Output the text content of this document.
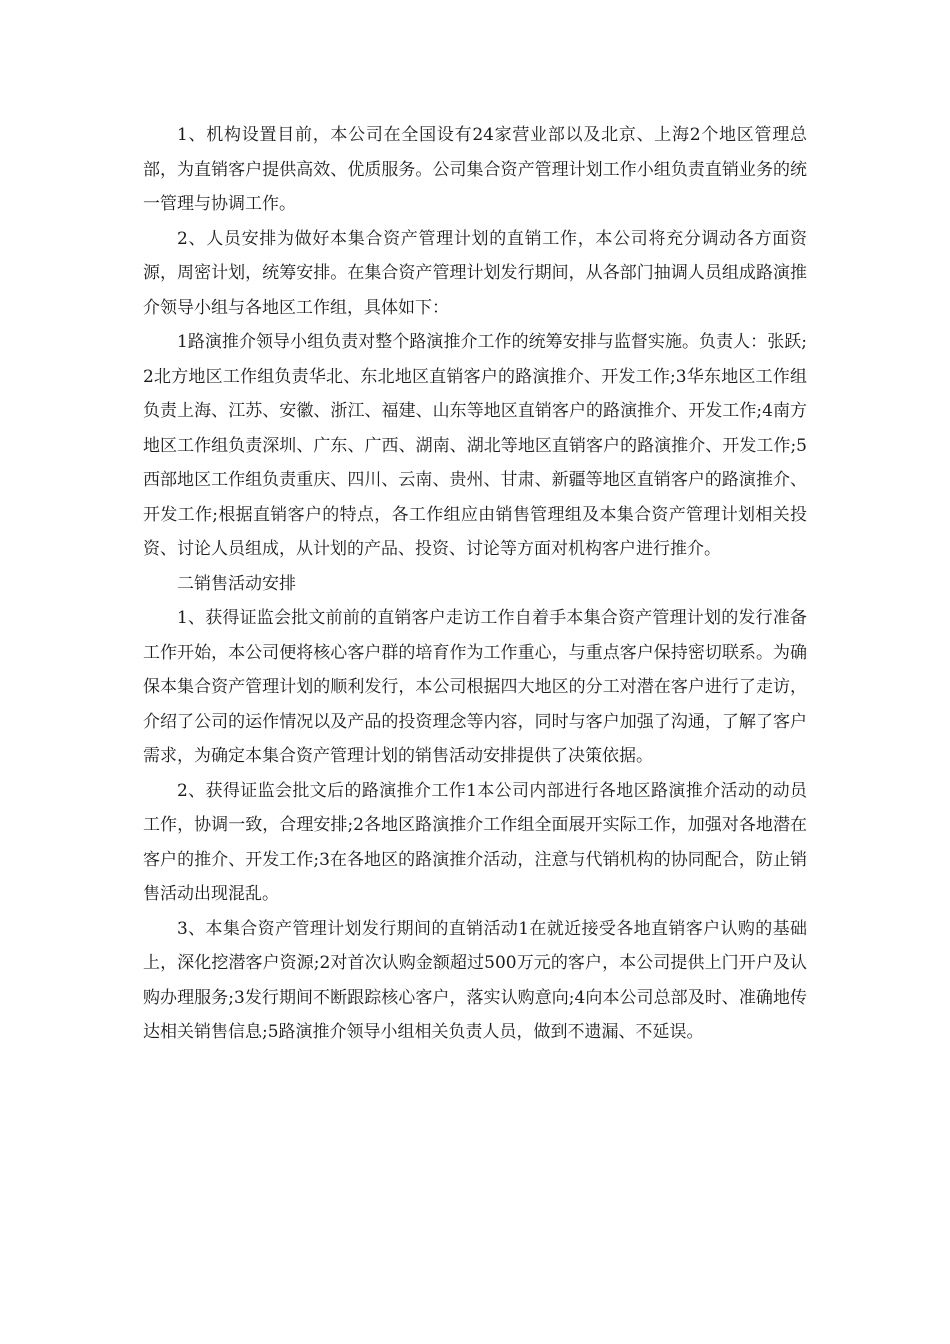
1、机构设置目前，本公司在全国设有24家营业部以及北京、上海2个地区管理总部，为直销客户提供高效、优质服务。公司集合资产管理计划工作小组负责直销业务的统一管理与协调工作。

2、人员安排为做好本集合资产管理计划的直销工作，本公司将充分调动各方面资源，周密计划，统筹安排。在集合资产管理计划发行期间，从各部门抽调人员组成路演推介领导小组与各地区工作组，具体如下：

1路演推介领导小组负责对整个路演推介工作的统筹安排与监督实施。负责人：张跃;2北方地区工作组负责华北、东北地区直销客户的路演推介、开发工作;3华东地区工作组负责上海、江苏、安徽、浙江、福建、山东等地区直销客户的路演推介、开发工作;4南方地区工作组负责深圳、广东、广西、湖南、湖北等地区直销客户的路演推介、开发工作;5西部地区工作组负责重庆、四川、云南、贵州、甘肃、新疆等地区直销客户的路演推介、开发工作;根据直销客户的特点，各工作组应由销售管理组及本集合资产管理计划相关投资、讨论人员组成，从计划的产品、投资、讨论等方面对机构客户进行推介。

二销售活动安排

1、获得证监会批文前前的直销客户走访工作自着手本集合资产管理计划的发行准备工作开始，本公司便将核心客户群的培育作为工作重心，与重点客户保持密切联系。为确保本集合资产管理计划的顺利发行，本公司根据四大地区的分工对潜在客户进行了走访，介绍了公司的运作情况以及产品的投资理念等内容，同时与客户加强了沟通，了解了客户需求，为确定本集合资产管理计划的销售活动安排提供了决策依据。

2、获得证监会批文后的路演推介工作1本公司内部进行各地区路演推介活动的动员工作，协调一致，合理安排;2各地区路演推介工作组全面展开实际工作，加强对各地潜在客户的推介、开发工作;3在各地区的路演推介活动，注意与代销机构的协同配合，防止销售活动出现混乱。

3、本集合资产管理计划发行期间的直销活动1在就近接受各地直销客户认购的基础上，深化挖潜客户资源;2对首次认购金额超过500万元的客户，本公司提供上门开户及认购办理服务;3发行期间不断跟踪核心客户，落实认购意向;4向本公司总部及时、准确地传达相关销售信息;5路演推介领导小组相关负责人员，做到不遗漏、不延误。
